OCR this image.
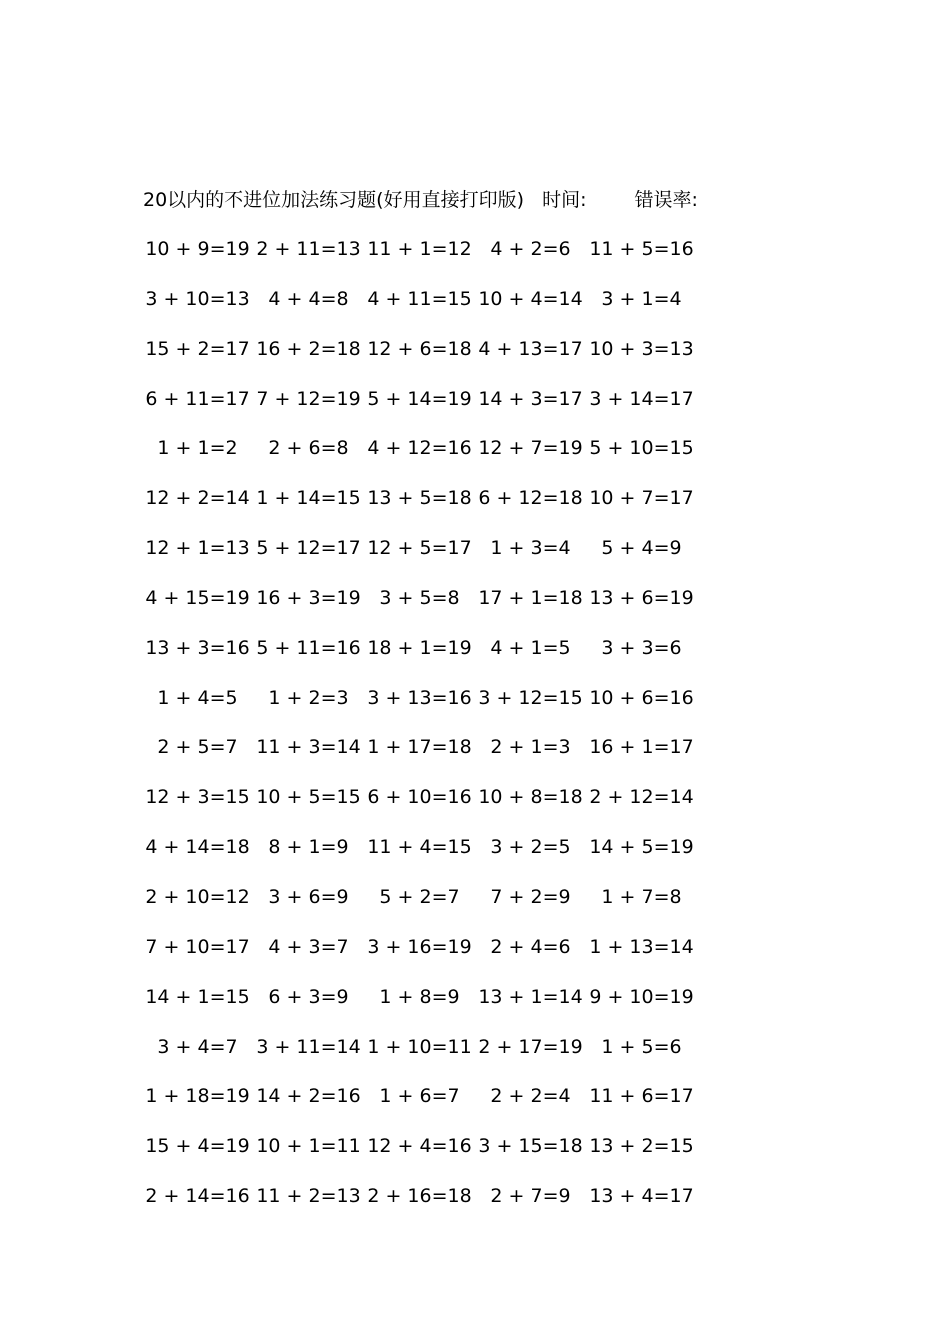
20以内的不进位加法练习题(好用直接打印版) 时间:	错误率:
10 + 9=19 2 + 11=13 11 + 1=12 4 + 2=6 11 + 5=16
3 + 10=13 4 + 4=8 4 + 11=15 10 + 4=14 3 + 1=4
15 + 2=17 16 + 2=18 12 + 6=18 4 + 13=17 10 + 3=13
6 + 11=17 7 + 12=19 5 + 14=19 14 + 3=17 3 + 14=17
1 + 1=2	2 + 6=8 4 + 12=16 12 + 7=19 5 + 10=15
12 + 2=14 1 + 14=15 13 + 5=18 6 + 12=18 10 + 7=17
12 + 1=13 5 + 12=17 12 + 5=17 1 + 3=4	5 + 4=9
4 + 15=19 16 + 3=19 3 + 5=8 17 + 1=18 13 + 6=19
13 + 3=16 5 + 11=16 18 + 1=19 4 + 1=5	3 + 3=6
1 + 4=5	1 + 2=3 3 + 13=16 3 + 12=15 10 + 6=16
2 + 5=7 11 + 3=14 1 + 17=18 2 + 1=3 16 + 1=17
12 + 3=15 10 + 5=15 6 + 10=16 10 + 8=18 2 + 12=14
4 + 14=18 8 + 1=9 11 + 4=15 3 + 2=5 14 + 5=19
2 + 10=12 3 + 6=9	5 + 2=7	7 + 2=9	1 + 7=8
7 + 10=17 4 + 3=7 3 + 16=19 2 + 4=6 1 + 13=14
14 + 1=15 6 + 3=9	1 + 8=9 13 + 1=14 9 + 10=19
3 + 4=7 3 + 11=14 1 + 10=11 2 + 17=19 1 + 5=6
1 + 18=19 14 + 2=16 1 + 6=7	2 + 2=4 11 + 6=17
15 + 4=19 10 + 1=11 12 + 4=16 3 + 15=18 13 + 2=15
2 + 14=16 11 + 2=13 2 + 16=18 2 + 7=9 13 + 4=17
